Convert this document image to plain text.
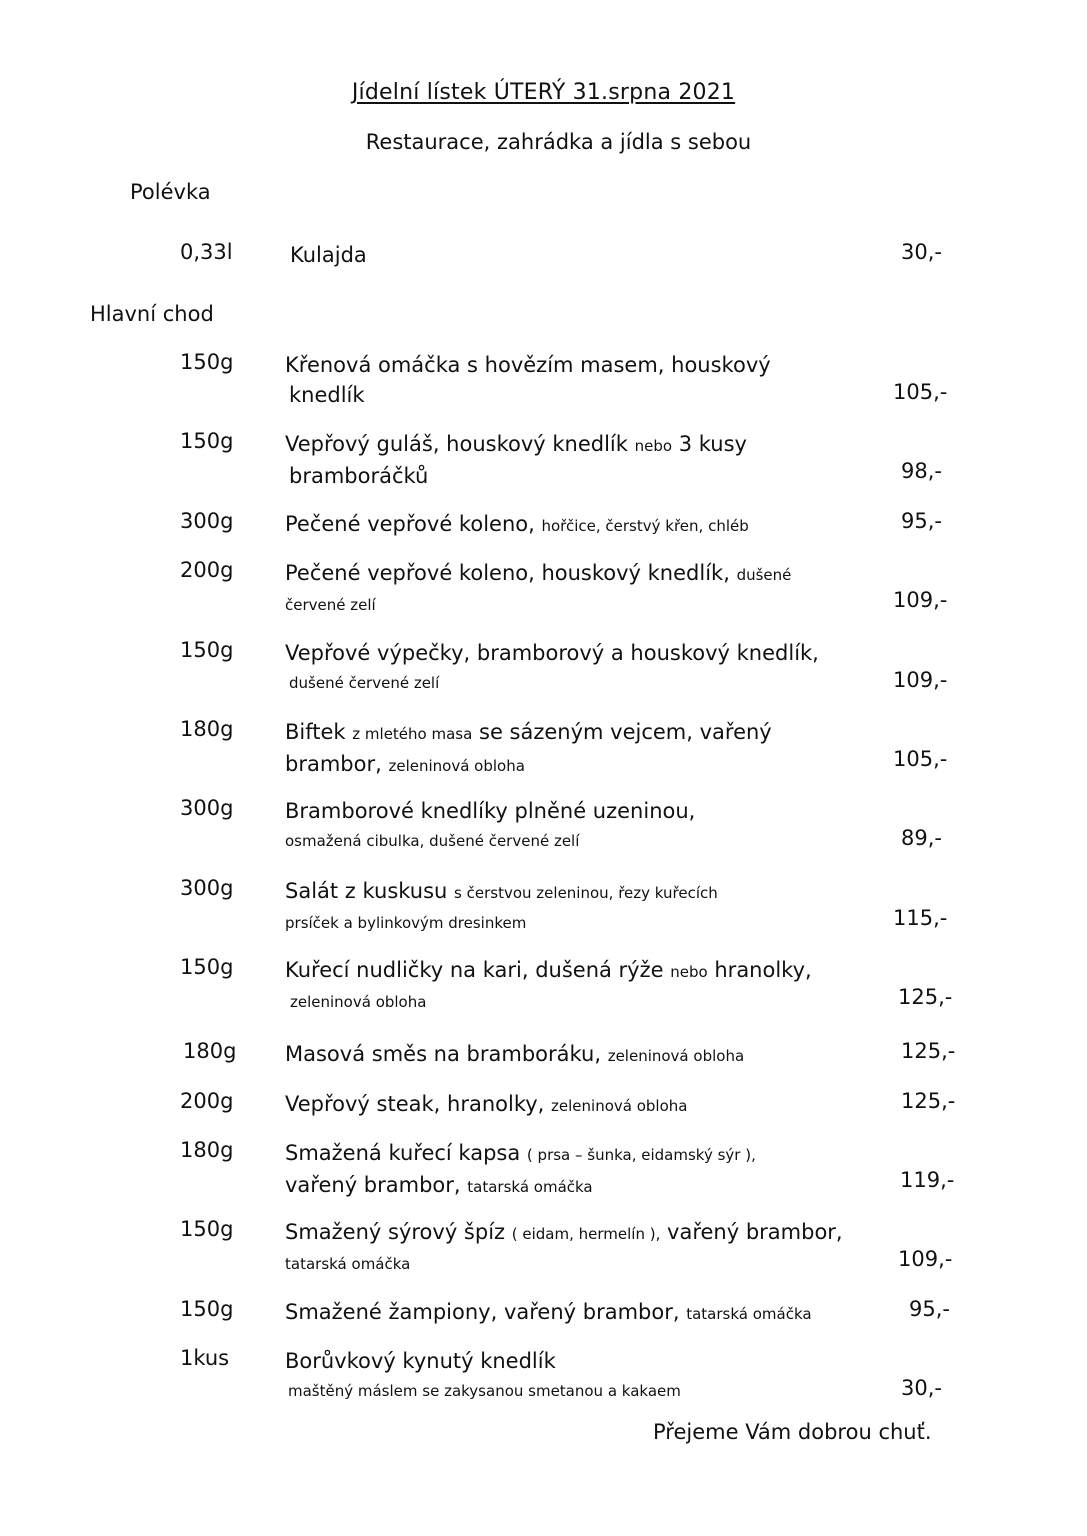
Jídelní lístek ÚTERÝ 31.srpna 2021
Restaurace, zahrádka a jídla s sebou
Polévka
0,33l	Kulajda	30,-
Hlavní chod
150g Křenová omáčka s hovězím masem, houskový
knedlík	105,-
150g Vepřový guláš, houskový knedlík nebo 3 kusy
bramboráčků	98,-
300g Pečené vepřové koleno, hořčice, čerstvý křen, chléb	95,-
200g Pečené vepřové koleno, houskový knedlík, dušené
červené zelí	109,-
150g Vepřové výpečky, bramborový a houskový knedlík,
dušené červené zelí	109,-
180g Biftek z mletého masa se sázeným vejcem, vařený
brambor, zeleninová obloha	105,-
300g Bramborové knedlíky plněné uzeninou,
osmažená cibulka, dušené červené zelí	89,-
300g Salát z kuskusu s čerstvou zeleninou, řezy kuřecích
prsíček a bylinkovým dresinkem	115,-
150g Kuřecí nudličky na kari, dušená rýže nebo hranolky,
zeleninová obloha	125,-
180g Masová směs na bramboráku, zeleninová obloha	125,-
200g Vepřový steak, hranolky, zeleninová obloha	125,-
180g Smažená kuřecí kapsa ( prsa – šunka, eidamský sýr ),
vařený brambor, tatarská omáčka	119,-
150g Smažený sýrový špíz ( eidam, hermelín ), vařený brambor,
tatarská omáčka	109,-
150g Smažené žampiony, vařený brambor, tatarská omáčka	95,-
1kus	Borůvkový kynutý knedlík
maštěný máslem se zakysanou smetanou a kakaem	30,-
Přejeme Vám dobrou chuť.
